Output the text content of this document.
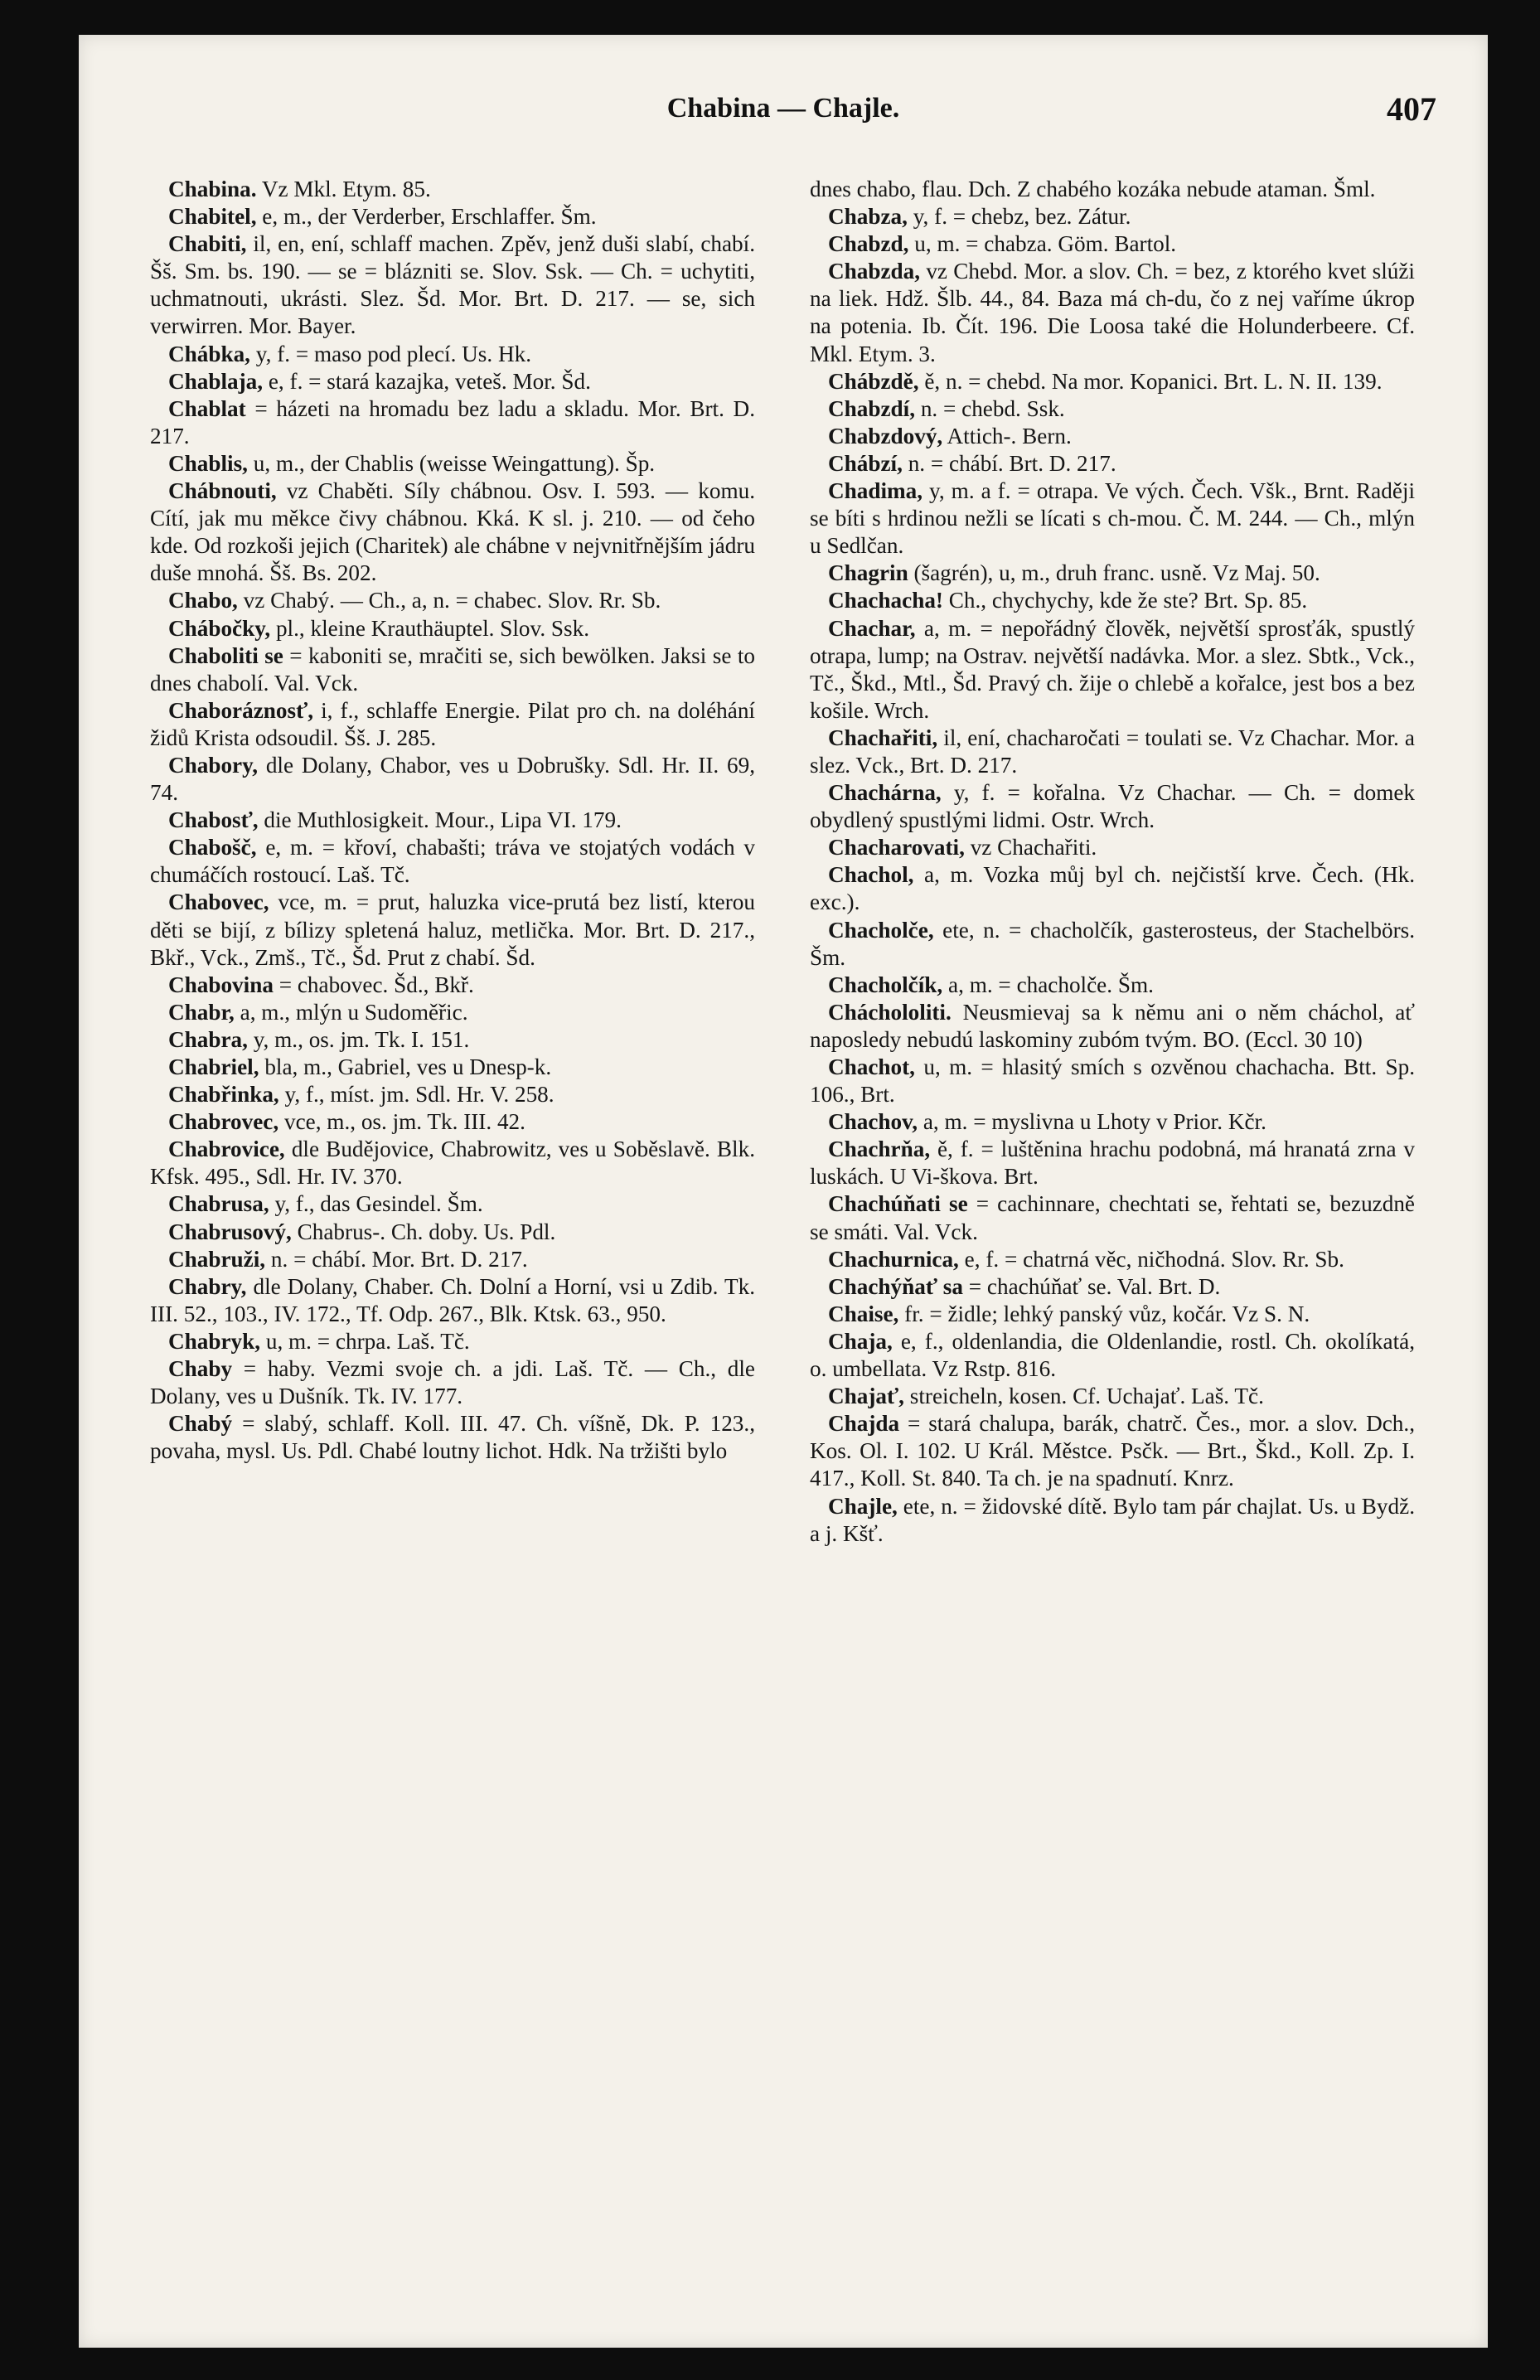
Chabina — Chajle.	407

Chabina. Vz Mkl. Etym. 85.

Chabitel, e, m., der Verderber, Erschlaffer. Šm.

Chabiti, il, en, ení, schlaff machen. Zpěv, jenž duši slabí, chabí. Šš. Sm. bs. 190. — se = blázniti se. Slov. Ssk. — Ch. = uchytiti, uchmatnouti, ukrásti. Slez. Šd. Mor. Brt. D. 217. — se, sich verwirren. Mor. Bayer.

Chábka, y, f. = maso pod plecí. Us. Hk.

Chablaja, e, f. = stará kazajka, veteš. Mor. Šd.

Chablat = házeti na hromadu bez ladu a skladu. Mor. Brt. D. 217.

Chablis, u, m., der Chablis (weisse Weingattung). Šp.

Chábnouti, vz Chaběti. Síly chábnou. Osv. I. 593. — komu. Cítí, jak mu měkce čivy chábnou. Kká. K sl. j. 210. — od čeho kde. Od rozkoši jejich (Charitek) ale chábne v nejvnitřnějším jádru duše mnohá. Šš. Bs. 202.

Chabo, vz Chabý. — Ch., a, n. = chabec. Slov. Rr. Sb.

Chábočky, pl., kleine Krauthäuptel. Slov. Ssk.

Chaboliti se = kaboniti se, mračiti se, sich bewölken. Jaksi se to dnes chabolí. Val. Vck.

Chaboráznosť, i, f., schlaffe Energie. Pilat pro ch. na doléhání židů Krista odsoudil. Šš. J. 285.

Chabory, dle Dolany, Chabor, ves u Dobrušky. Sdl. Hr. II. 69, 74.

Chabosť, die Muthlosigkeit. Mour., Lipa VI. 179.

Chabošč, e, m. = křoví, chabašti; tráva ve stojatých vodách v chumáčích rostoucí. Laš. Tč.

Chabovec, vce, m. = prut, haluzka vice-prutá bez listí, kterou děti se bijí, z bílizy spletená haluz, metlička. Mor. Brt. D. 217., Bkř., Vck., Zmš., Tč., Šd. Prut z chabí. Šd.

Chabovina = chabovec. Šd., Bkř.

Chabr, a, m., mlýn u Sudoměřic.

Chabra, y, m., os. jm. Tk. I. 151.

Chabriel, bla, m., Gabriel, ves u Dnesp-k.

Chabřinka, y, f., míst. jm. Sdl. Hr. V. 258.

Chabrovec, vce, m., os. jm. Tk. III. 42.

Chabrovice, dle Budějovice, Chabrowitz, ves u Soběslavě. Blk. Kfsk. 495., Sdl. Hr. IV. 370.

Chabrusa, y, f., das Gesindel. Šm.

Chabrusový, Chabrus-. Ch. doby. Us. Pdl.

Chabruži, n. = chábí. Mor. Brt. D. 217.

Chabry, dle Dolany, Chaber. Ch. Dolní a Horní, vsi u Zdib. Tk. III. 52., 103., IV. 172., Tf. Odp. 267., Blk. Ktsk. 63., 950.

Chabryk, u, m. = chrpa. Laš. Tč.

Chaby = haby. Vezmi svoje ch. a jdi. Laš. Tč. — Ch., dle Dolany, ves u Dušník. Tk. IV. 177.

Chabý = slabý, schlaff. Koll. III. 47. Ch. víšně, Dk. P. 123., povaha, mysl. Us. Pdl. Chabé loutny lichot. Hdk. Na tržišti bylo

dnes chabo, flau. Dch. Z chabého kozáka nebude ataman. Šml.

Chabza, y, f. = chebz, bez. Zátur.

Chabzd, u, m. = chabza. Göm. Bartol.

Chabzda, vz Chebd. Mor. a slov. Ch. = bez, z ktorého kvet slúži na liek. Hdž. Šlb. 44., 84. Baza má ch-du, čo z nej vaříme úkrop na potenia. Ib. Čít. 196. Die Loosa také die Holunderbeere. Cf. Mkl. Etym. 3.

Chábzdě, ě, n. = chebd. Na mor. Kopanici. Brt. L. N. II. 139.

Chabzdí, n. = chebd. Ssk.

Chabzdový, Attich-. Bern.

Chábzí, n. = chábí. Brt. D. 217.

Chadima, y, m. a f. = otrapa. Ve vých. Čech. Všk., Brnt. Raději se bíti s hrdinou nežli se lícati s ch-mou. Č. M. 244. — Ch., mlýn u Sedlčan.

Chagrin (šagrén), u, m., druh franc. usně. Vz Maj. 50.

Chachacha! Ch., chychychy, kde že ste? Brt. Sp. 85.

Chachar, a, m. = nepořádný člověk, největší sprosťák, spustlý otrapa, lump; na Ostrav. největší nadávka. Mor. a slez. Sbtk., Vck., Tč., Škd., Mtl., Šd. Pravý ch. žije o chlebě a kořalce, jest bos a bez košile. Wrch.

Chachařiti, il, ení, chacharočati = toulati se. Vz Chachar. Mor. a slez. Vck., Brt. D. 217.

Chachárna, y, f. = kořalna. Vz Chachar. — Ch. = domek obydlený spustlými lidmi. Ostr. Wrch.

Chacharovati, vz Chachařiti.

Chachol, a, m. Vozka můj byl ch. nejčistší krve. Čech. (Hk. exc.).

Chacholče, ete, n. = chacholčík, gasterosteus, der Stachelbörs. Šm.

Chacholčík, a, m. = chacholče. Šm.

Cháchololiti. Neusmievaj sa k němu ani o něm cháchol, ať naposledy nebudú laskominy zubóm tvým. BO. (Eccl. 30 10)

Chachot, u, m. = hlasitý smích s ozvěnou chachacha. Btt. Sp. 106., Brt.

Chachov, a, m. = myslivna u Lhoty v Prior. Kčr.

Chachrňa, ě, f. = luštěnina hrachu podobná, má hranatá zrna v luskách. U Vi-škova. Brt.

Chachúňati se = cachinnare, chechtati se, řehtati se, bezuzdně se smáti. Val. Vck.

Chachurnica, e, f. = chatrná věc, ničhodná. Slov. Rr. Sb.

Chachýňať sa = chachúňať se. Val. Brt. D.

Chaise, fr. = židle; lehký panský vůz, kočár. Vz S. N.

Chaja, e, f., oldenlandia, die Oldenlandie, rostl. Ch. okolíkatá, o. umbellata. Vz Rstp. 816.

Chajať, streicheln, kosen. Cf. Uchajať. Laš. Tč.

Chajda = stará chalupa, barák, chatrč. Čes., mor. a slov. Dch., Kos. Ol. I. 102. U Král. Městce. Psčk. — Brt., Škd., Koll. Zp. I. 417., Koll. St. 840. Ta ch. je na spadnutí. Knrz.

Chajle, ete, n. = židovské dítě. Bylo tam pár chajlat. Us. u Bydž. a j. Kšť.
